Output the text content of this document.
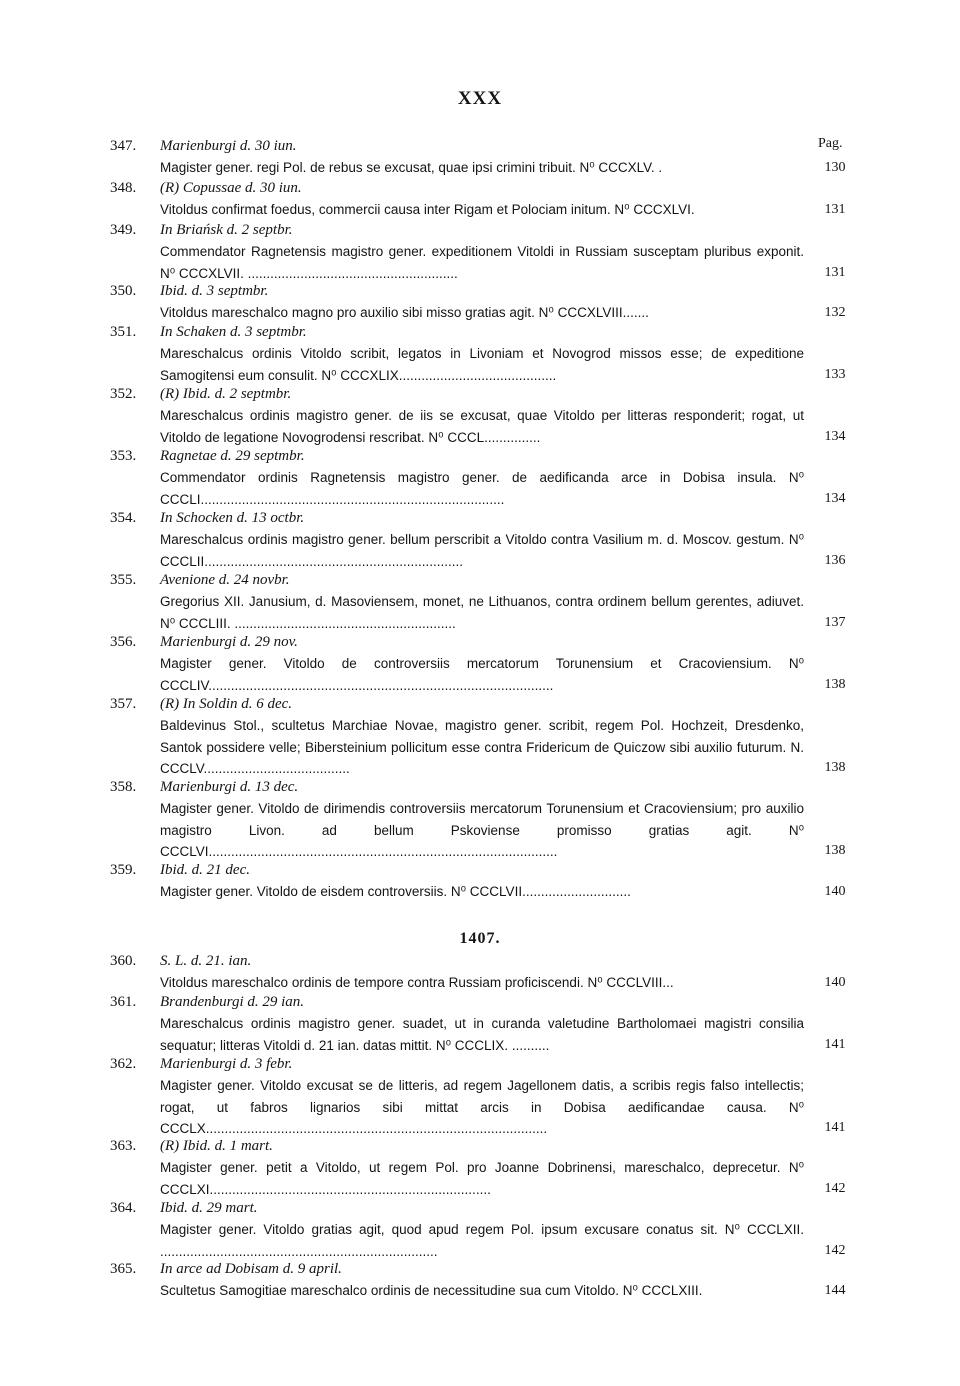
XXX
Pag.
347. Marienburgi d. 30 iun.
Magister gener. regi Pol. de rebus se excusat, quae ipsi crimini tribuit. N⁰ CCCXLV. .	130
348. (R) Copussae d. 30 iun.
Vitoldus confirmat foedus, commercii causa inter Rigam et Polociam initum. N⁰ CCCXLVI.	131
349. In Briańsk d. 2 septbr.
Commendator Ragnetensis magistro gener. expeditionem Vitoldi in Russiam susceptam pluribus exponit. N⁰ CCCXLVII. ........................................................	131
350. Ibid. d. 3 septmbr.
Vitoldus mareschalco magno pro auxilio sibi misso gratias agit. N⁰ CCCXLVIII.......	132
351. In Schaken d. 3 septmbr.
Mareschalcus ordinis Vitoldo scribit, legatos in Livoniam et Novogrod missos esse; de expeditione Samogitensi eum consulit. N⁰ CCCXLIX..........................................	133
352. (R) Ibid. d. 2 septmbr.
Mareschalcus ordinis magistro gener. de iis se excusat, quae Vitoldo per litteras responderit; rogat, ut Vitoldo de legatione Novogrodensi rescribat. N⁰ CCCL...............	134
353. Ragnetae d. 29 septmbr.
Commendator ordinis Ragnetensis magistro gener. de aedificanda arce in Dobisa insula. N⁰ CCCLI.................................................................................	134
354. In Schocken d. 13 octbr.
Mareschalcus ordinis magistro gener. bellum perscribit a Vitoldo contra Vasilium m. d. Moscov. gestum. N⁰ CCCLII.....................................................................	136
355. Avenione d. 24 novbr.
Gregorius XII. Janusium, d. Masoviensem, monet, ne Lithuanos, contra ordinem bellum gerentes, adiuvet. N⁰ CCCLIII. ...........................................................	137
356. Marienburgi d. 29 nov.
Magister gener. Vitoldo de controversiis mercatorum Torunensium et Cracoviensium. N⁰ CCCLIV............................................................................................	138
357. (R) In Soldin d. 6 dec.
Baldevinus Stol., scultetus Marchiae Novae, magistro gener. scribit, regem Pol. Hochzeit, Dresdenko, Santok possidere velle; Bibersteinium pollicitum esse contra Fridericum de Quiczow sibi auxilio futurum. N. CCCLV.......................................	138
358. Marienburgi d. 13 dec.
Magister gener. Vitoldo de dirimendis controversiis mercatorum Torunensium et Cracoviensium; pro auxilio magistro Livon. ad bellum Pskoviense promisso gratias agit. N⁰ CCCLVI.............................................................................................	138
359. Ibid. d. 21 dec.
Magister gener. Vitoldo de eisdem controversiis. N⁰ CCCLVII.............................	140
1407.
360. S. L. d. 21. ian.
Vitoldus mareschalco ordinis de tempore contra Russiam proficiscendi. N⁰ CCCLVIII...	140
361. Brandenburgi d. 29 ian.
Mareschalcus ordinis magistro gener. suadet, ut in curanda valetudine Bartholomaei magistri consilia sequatur; litteras Vitoldi d. 21 ian. datas mittit. N⁰ CCCLIX. ..........	141
362. Marienburgi d. 3 febr.
Magister gener. Vitoldo excusat se de litteris, ad regem Jagellonem datis, a scribis regis falso intellectis; rogat, ut fabros lignarios sibi mittat arcis in Dobisa aedificandae causa. N⁰ CCCLX...........................................................................................	141
363. (R) Ibid. d. 1 mart.
Magister gener. petit a Vitoldo, ut regem Pol. pro Joanne Dobrinensi, mareschalco, deprecetur. N⁰ CCCLXI...........................................................................	142
364. Ibid. d. 29 mart.
Magister gener. Vitoldo gratias agit, quod apud regem Pol. ipsum excusare conatus sit. N⁰ CCCLXII. ..........................................................................	142
365. In arce ad Dobisam d. 9 april.
Scultetus Samogitiae mareschalco ordinis de necessitudine sua cum Vitoldo. N⁰ CCCLXIII.	144
